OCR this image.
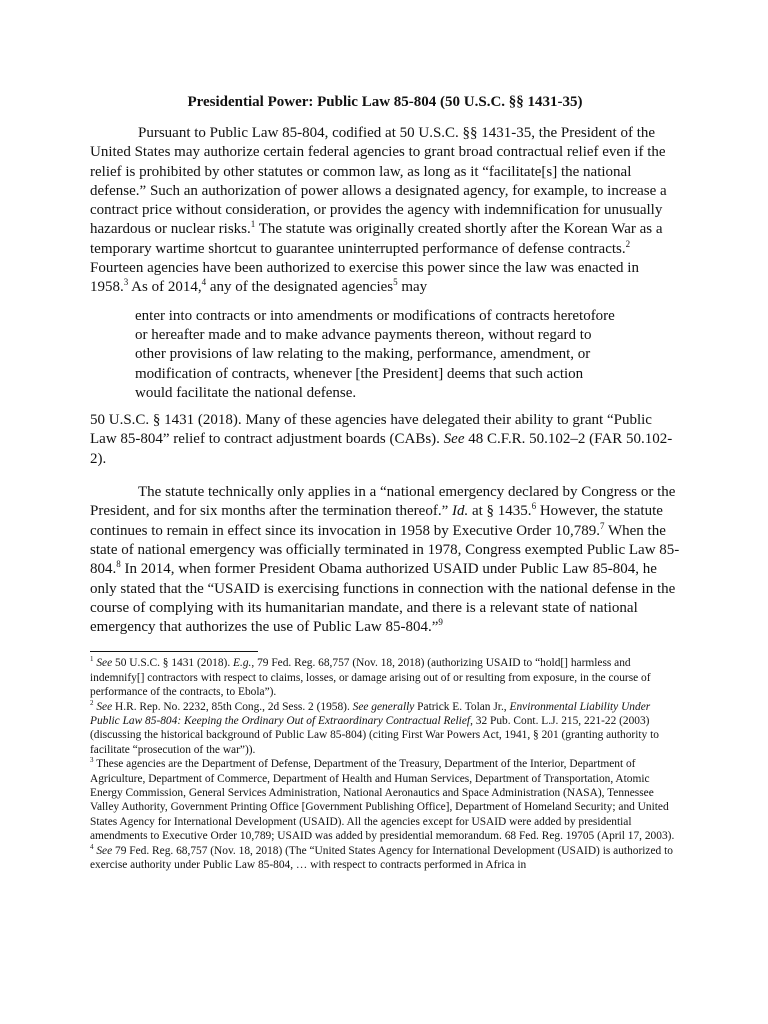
Presidential Power: Public Law 85-804 (50 U.S.C. §§ 1431-35)

Pursuant to Public Law 85-804, codified at 50 U.S.C. §§ 1431-35, the President of the United States may authorize certain federal agencies to grant broad contractual relief even if the relief is prohibited by other statutes or common law, as long as it “facilitate[s] the national defense.” Such an authorization of power allows a designated agency, for example, to increase a contract price without consideration, or provides the agency with indemnification for unusually hazardous or nuclear risks.$^1$ The statute was originally created shortly after the Korean War as a temporary wartime shortcut to guarantee uninterrupted performance of defense contracts.$^2$ Fourteen agencies have been authorized to exercise this power since the law was enacted in 1958.$^3$ As of 2014,$^4$ any of the designated agencies$^5$ may

enter into contracts or into amendments or modifications of contracts heretofore or hereafter made and to make advance payments thereon, without regard to other provisions of law relating to the making, performance, amendment, or modification of contracts, whenever [the President] deems that such action would facilitate the national defense.

50 U.S.C. § 1431 (2018). Many of these agencies have delegated their ability to grant “Public Law 85-804” relief to contract adjustment boards (CABs). See 48 C.F.R. 50.102–2 (FAR 50.102-2).

The statute technically only applies in a “national emergency declared by Congress or the President, and for six months after the termination thereof.” Id. at § 1435.$^6$ However, the statute continues to remain in effect since its invocation in 1958 by Executive Order 10,789.$^7$ When the state of national emergency was officially terminated in 1978, Congress exempted Public Law 85-804.$^8$ In 2014, when former President Obama authorized USAID under Public Law 85-804, he only stated that the “USAID is exercising functions in connection with the national defense in the course of complying with its humanitarian mandate, and there is a relevant state of national emergency that authorizes the use of Public Law 85-804.”$^9$

$^1$ See 50 U.S.C. § 1431 (2018). E.g., 79 Fed. Reg. 68,757 (Nov. 18, 2018) (authorizing USAID to “hold[] harmless and indemnify[] contractors with respect to claims, losses, or damage arising out of or resulting from exposure, in the course of performance of the contracts, to Ebola”).

$^2$ See H.R. Rep. No. 2232, 85th Cong., 2d Sess. 2 (1958). See generally Patrick E. Tolan Jr., Environmental Liability Under Public Law 85-804: Keeping the Ordinary Out of Extraordinary Contractual Relief, 32 Pub. Cont. L.J. 215, 221-22 (2003) (discussing the historical background of Public Law 85-804) (citing First War Powers Act, 1941, § 201 (granting authority to facilitate “prosecution of the war”)).

$^3$ These agencies are the Department of Defense, Department of the Treasury, Department of the Interior, Department of Agriculture, Department of Commerce, Department of Health and Human Services, Department of Transportation, Atomic Energy Commission, General Services Administration, National Aeronautics and Space Administration (NASA), Tennessee Valley Authority, Government Printing Office [Government Publishing Office], Department of Homeland Security; and United States Agency for International Development (USAID). All the agencies except for USAID were added by presidential amendments to Executive Order 10,789; USAID was added by presidential memorandum. 68 Fed. Reg. 19705 (April 17, 2003).

$^4$ See 79 Fed. Reg. 68,757 (Nov. 18, 2018) (The “United States Agency for International Development (USAID) is authorized to exercise authority under Public Law 85-804, … with respect to contracts performed in Africa in
